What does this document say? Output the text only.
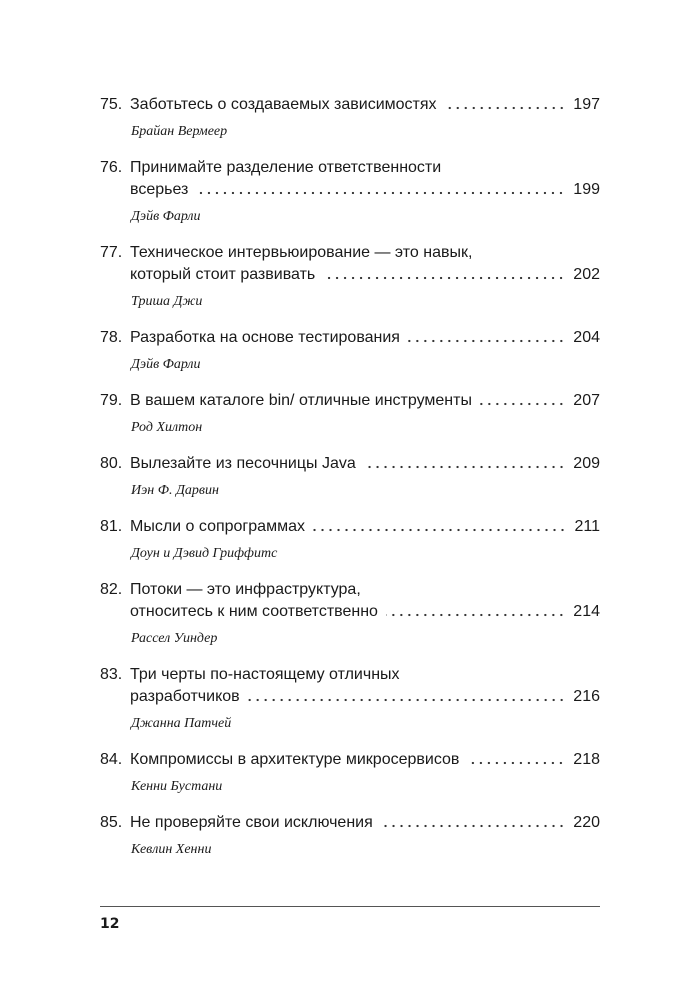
75. Заботьтесь о создаваемых зависимостях	197
Брайан Вермеер
76. Принимайте разделение ответственности
всерьез	199
Дэйв Фарли
77. Техническое интервьюирование — это навык,
который стоит развивать	202
Триша Джи
78. Разработка на основе тестирования	204
Дэйв Фарли
79. В вашем каталоге bin/ отличные инструменты	207
Род Хилтон
80. Вылезайте из песочницы Java	209
Иэн Ф. Дарвин
81. Мысли о сопрограммах	211
Доун и Дэвид Гриффитс
82. Потоки — это инфраструктура,
относитесь к ним соответственно	214
Рассел Уиндер
83. Три черты по-настоящему отличных
разработчиков	216
Джанна Патчей
84. Компромиссы в архитектуре микросервисов	218
Кенни Бустани
85. Не проверяйте свои исключения	220
Кевлин Хенни
12
